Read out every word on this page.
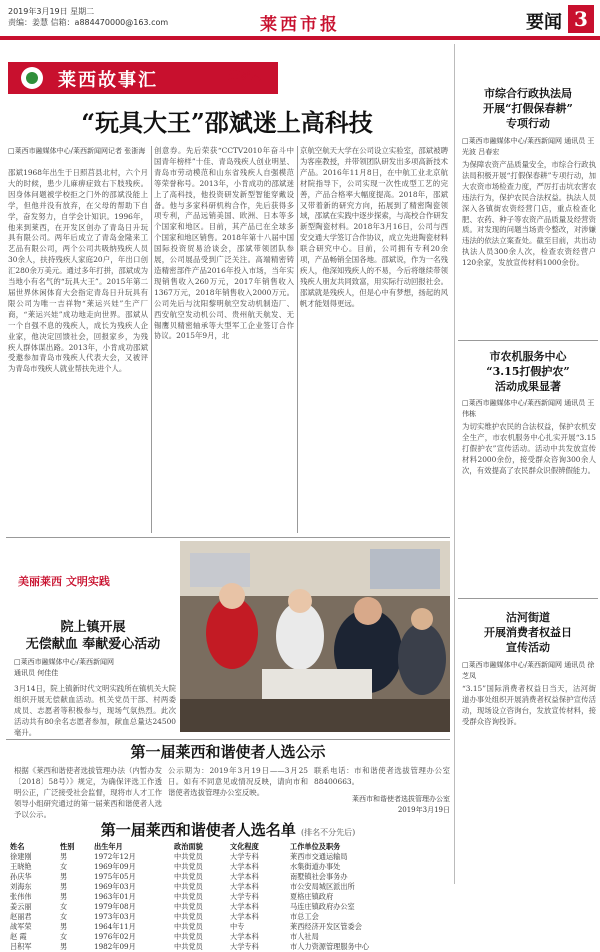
2019年3月19日 星期二
责编：姜慧 信箱：a884470000@163.com	莱西市报	要闻 3
莱西故事汇	追梦人
“玩具大王”邵斌迷上高科技
□莱西市融媒体中心/莱西新闻网记者 张浙海
邵斌1968年出生于日照莒县北村，六个月大的时候，患少儿麻痹症致右下肢残疾。因身体问题被学校拒之门外的邵斌没能上学，但他并没有放弃，在父母的帮助下自学，奋发努力，自学会计知识。1996年，他来到莱西，在开发区创办了青岛日升玩具有限公司。两年后成立了青岛金隆来工艺品有限公司，两个公司共吸纳残疾人员30余人，扶持残疾人家庭20户，年出口创汇280余万美元。通过多年打拼，邵斌成为当地小有名气的“玩具大王”。2015年第二届世界休闲体育大会指定青岛日升玩具有限公司为唯一吉祥物“莱运兴娃”生产厂商，“莱运兴娃”成功地走向世界。邵斌从一个自强不息的残疾人，成长为残疾人企业家，他决定回馈社会，回报家乡，为残疾人群体谋出路。2013年，小肯成功邵斌受邀参加青岛市残疾人代表大会，又被评为青岛市残疾人就业帮扶先进个人。
创意券。先后荣获“CCTV2010年奋斗中国青年榜样”十佳、青岛残疾人创业明星、青岛市劳动模范和山东省残疾人自强模范等荣誉称号。2013年，小肯成功的邵斌迷上了高科技，他投资研发新型智能穿戴设备。他与多家科研机构合作，先后获得多项专利，产品远销美国、欧洲、日本等多个国家和地区。目前，其产品已在全球多个国家和地区销售。2018年第十八届中国国际投资贸易洽谈会，邵斌带领团队参展，公司展品受到广泛关注。高端精密铸造精密部件产品2016年投入市场，当年实现销售收入260万元，2017年销售收入1367万元，2018年销售收入2000万元。公司先后与沈阳黎明航空发动机制造厂、西安航空发动机公司、贵州航天航发、无锡鹰贝精密轴承等大型军工企业签订合作协议。2015年9月，北
京航空航天大学在公司设立实验室，邵斌被聘为客座教授，并带领团队研发出多项高新技术产品。2016年11月8日，在中航工业北京航材院指导下，公司实现一次性成型工艺的完善，产品合格率大幅度提高。2018年，邵斌又带着新的研究方向，拓展到了精密陶瓷领域，邵斌在实践中逐步探索，与高校合作研发新型陶瓷材料。2018年3月16日，公司与西安交通大学签订合作协议，成立先进陶瓷材料联合研究中心。目前，公司拥有专利20余项，产品畅销全国各地。邵斌说，作为一名残疾人，他深知残疾人的不易，今后将继续带领残疾人朋友共同致富，用实际行动回报社会。邵斌就是残疾人，但是心中有梦想，扬起的风帆才能划得更远。
美丽莱西 文明实践
院上镇开展
无偿献血 奉献爱心活动
□莱西市融媒体中心/莱西新闻网
通讯员 何佳佳
3月14日，院上镇新时代文明实践所在镇机关大院组织开展无偿献血活动。机关党员干部、村两委成员、志愿者等积极参与，现场气氛热烈。此次活动共有80余名志愿者参加，献血总量达24500毫升。
第一届莱西和谐使者人选公示
根据《莱西和谐使者选拔管理办法（内暂办发〔2018〕58号）》规定，为确保评选工作透明公正，广泛接受社会监督，现将市人才工作领导小组研究通过的第一届莱西和谐使者人选予以公示。
公示期为：2019年3月19日——3月25日。如有不同意见或情况反映，请向市和谐使者选拔管理办公室反映。
联系电话：市和谐使者选拔管理办公室 88400663。
莱西市和谐使者选拔管理办公室
2019年3月19日
第一届莱西和谐使者人选名单 (排名不分先后)
姓名	性别	出生年月	政治面貌	文化程度	工作单位及职务
徐建刚	男	1972年12月	中共党员	大学专科	莱西市交通运输局
王晓艳	女	1969年09月	中共党员	大学本科	水集街道办事处
孙庆华	男	1975年05月	中共党员	大学本科	南墅镇社会事务办
刘海东	男	1969年03月	中共党员	大学本科	市公安局城区派出所
张伟伟	男	1963年01月	中共党员	大学专科	夏格庄镇政府
姜云丽	女	1979年08月	中共党员	大学本科	马连庄镇政府办公室
赵丽君	女	1973年03月	中共党员	大学本科	市总工会
战军荣	男	1964年11月	中共党员	中专	莱西经济开发区管委会
赵 霞	女	1976年02月	中共党员	大学本科	市人社局
吕积军	男	1982年09月	中共党员	大学专科	市人力资源管理服务中心
市综合行政执法局
开展“打假保春耕”
专项行动
□莱西市融媒体中心/莱西新闻网 通讯员 王光波 吕春宏
为保障农资产品质量安全，市综合行政执法局积极开展“打假保春耕”专项行动，加大农资市场检查力度，严厉打击坑农害农违法行为，保护农民合法权益。执法人员深入各镇街农资经营门店，重点检查化肥、农药、种子等农资产品质量及经营资质。对发现的问题当场责令整改，对涉嫌违法的依法立案查处。截至目前，共出动执法人员300余人次，检查农资经营户120余家，发放宣传材料1000余份。
市农机服务中心
“3.15打假护农”
活动成果显著
□莱西市融媒体中心/莱西新闻网 通讯员 王伟栋
为切实维护农民的合法权益，保护农机安全生产，市农机服务中心扎实开展“3.15打假护农”宣传活动。活动中共发放宣传材料2000余份，接受群众咨询300余人次，有效提高了农民群众识假辨假能力。
沽河街道
开展消费者权益日
宣传活动
□莱西市融媒体中心/莱西新闻网 通讯员 徐芝凤
“3.15”国际消费者权益日当天，沽河街道办事处组织开展消费者权益保护宣传活动，现场设立咨询台，发放宣传材料，接受群众咨询投诉。
